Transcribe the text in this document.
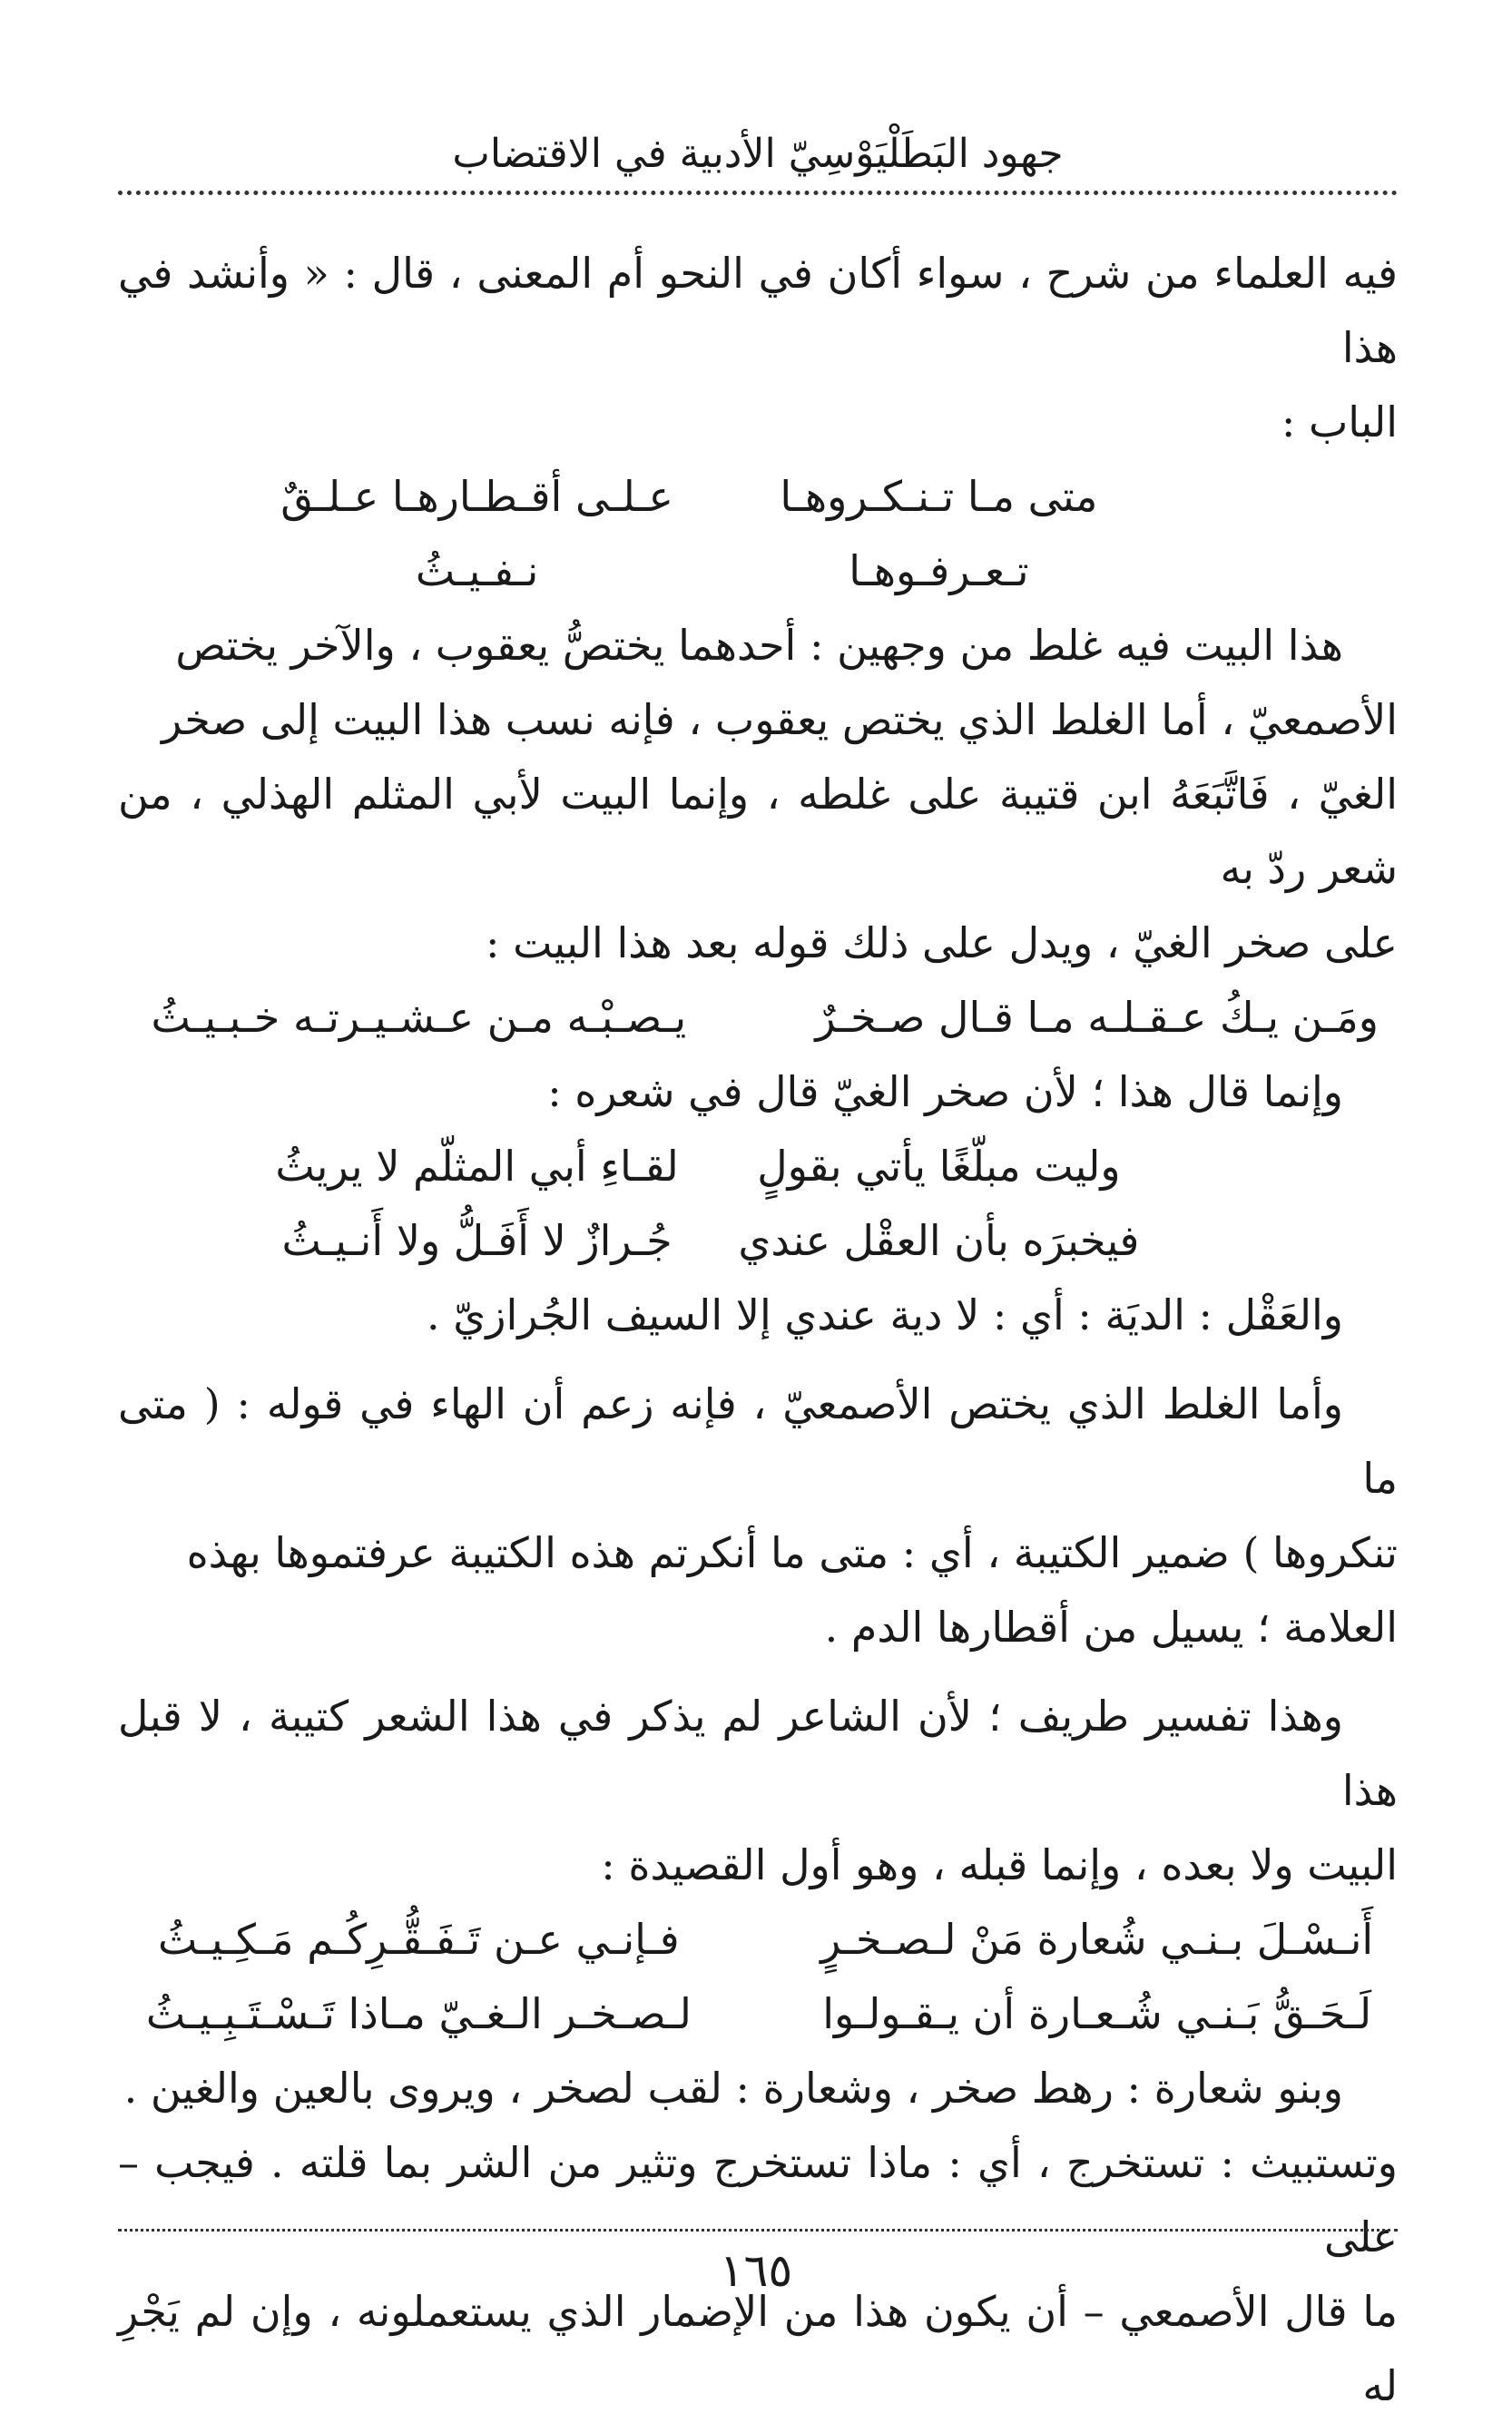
جهود البَطَلْيَوْسِيّ الأدبية في الاقتضاب
فيه العلماء من شرح ، سواء أكان في النحو أم المعنى ، قال : « وأنشد في هذا
الباب :
متى مـا تـنـكـروهـا تـعـرفـوهـا
عـلـى أقـطـارهـا عـلـقٌ نـفـيـثُ
هذا البيت فيه غلط من وجهين : أحدهما يختصُّ يعقوب ، والآخر يختص
الأصمعيّ ، أما الغلط الذي يختص يعقوب ، فإنه نسب هذا البيت إلى صخر
الغيّ ، فَاتَّبَعَهُ ابن قتيبة على غلطه ، وإنما البيت لأبي المثلم الهذلي ، من شعر ردّ به
على صخر الغيّ ، ويدل على ذلك قوله بعد هذا البيت :
ومَـن يـكُ عـقـلـه مـا قـال صـخـرٌ
يـصـبْـه مـن عـشـيـرتـه خـبـيـثُ
وإنما قال هذا ؛ لأن صخر الغيّ قال في شعره :
وليت مبلّغًا يأتي بقولٍ
لقـاءِ أبي المثلّم لا يريثُ
فيخبرَه بأن العقْل عندي
جُـرازٌ لا أَفَـلُّ ولا أَنـيـثُ
والعَقْل : الديَة : أي : لا دية عندي إلا السيف الجُرازيّ .
وأما الغلط الذي يختص الأصمعيّ ، فإنه زعم أن الهاء في قوله : ( متى ما
تنكروها ) ضمير الكتيبة ، أي : متى ما أنكرتم هذه الكتيبة عرفتموها بهذه
العلامة ؛ يسيل من أقطارها الدم .
وهذا تفسير طريف ؛ لأن الشاعر لم يذكر في هذا الشعر كتيبة ، لا قبل هذا
البيت ولا بعده ، وإنما قبله ، وهو أول القصيدة :
أَنـسْـلَ بـنـي شُعارة مَنْ لـصـخـرٍ
فـإنـي عـن تَـفَـقُّـرِكُـم مَـكِـيـثُ
لَـحَـقُّ بَـنـي شُـعـارة أن يـقـولـوا
لـصـخـر الـغـيّ مـاذا تَـسْـتَـبِـيـثُ
وبنو شعارة : رهط صخر ، وشعارة : لقب لصخر ، ويروى بالعين والغين .
وتستبيث : تستخرج ، أي : ماذا تستخرج وتثير من الشر بما قلته . فيجب – على
ما قال الأصمعي – أن يكون هذا من الإضمار الذي يستعملونه ، وإن لم يَجْرِ له
١٦٥
